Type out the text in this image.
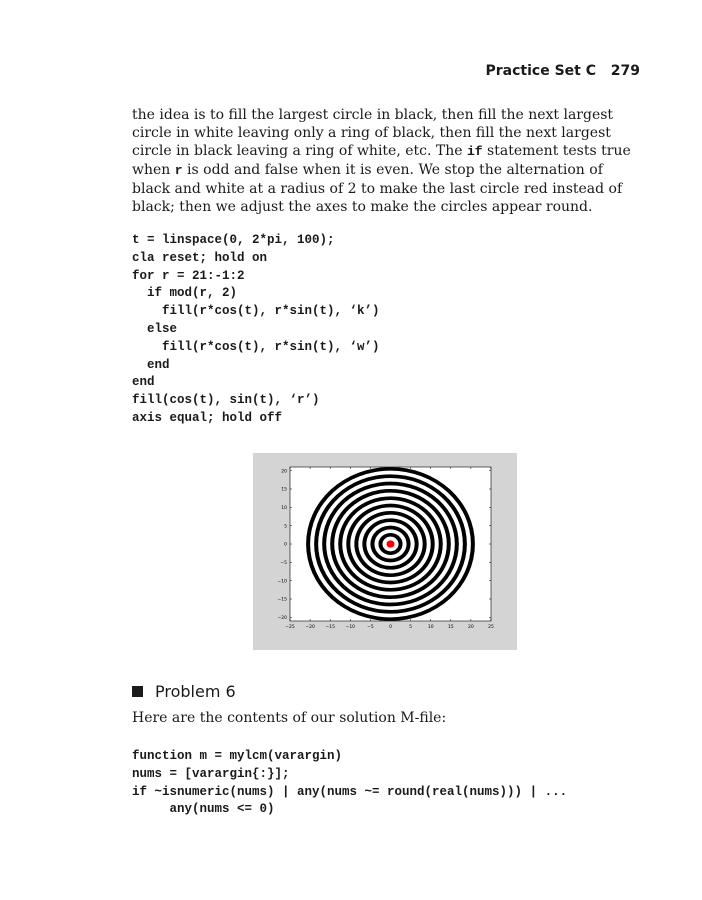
Practice Set C 279

the idea is to fill the largest circle in black, then fill the next largest circle in white leaving only a ring of black, then fill the next largest circle in black leaving a ring of white, etc. The if statement tests true when r is odd and false when it is even. We stop the alternation of black and white at a radius of 2 to make the last circle red instead of black; then we adjust the axes to make the circles appear round.

t = linspace(0, 2*pi, 100);
cla reset; hold on
for r = 21:-1:2
if mod(r, 2)
fill(r*cos(t), r*sin(t), ‘k’)
else
fill(r*cos(t), r*sin(t), ‘w’)
end
end
fill(cos(t), sin(t), ‘r’)
axis equal; hold off
−25 −20 −15 −10	−5	0	5	10	15	20	25
20
15
10
5
0
−5
−10
−15
−20
Problem 6

Here are the contents of our solution M-file:

function m = mylcm(varargin)
nums = [varargin{:}];
if ~isnumeric(nums) | any(nums ~= round(real(nums))) | ...
any(nums <= 0)
